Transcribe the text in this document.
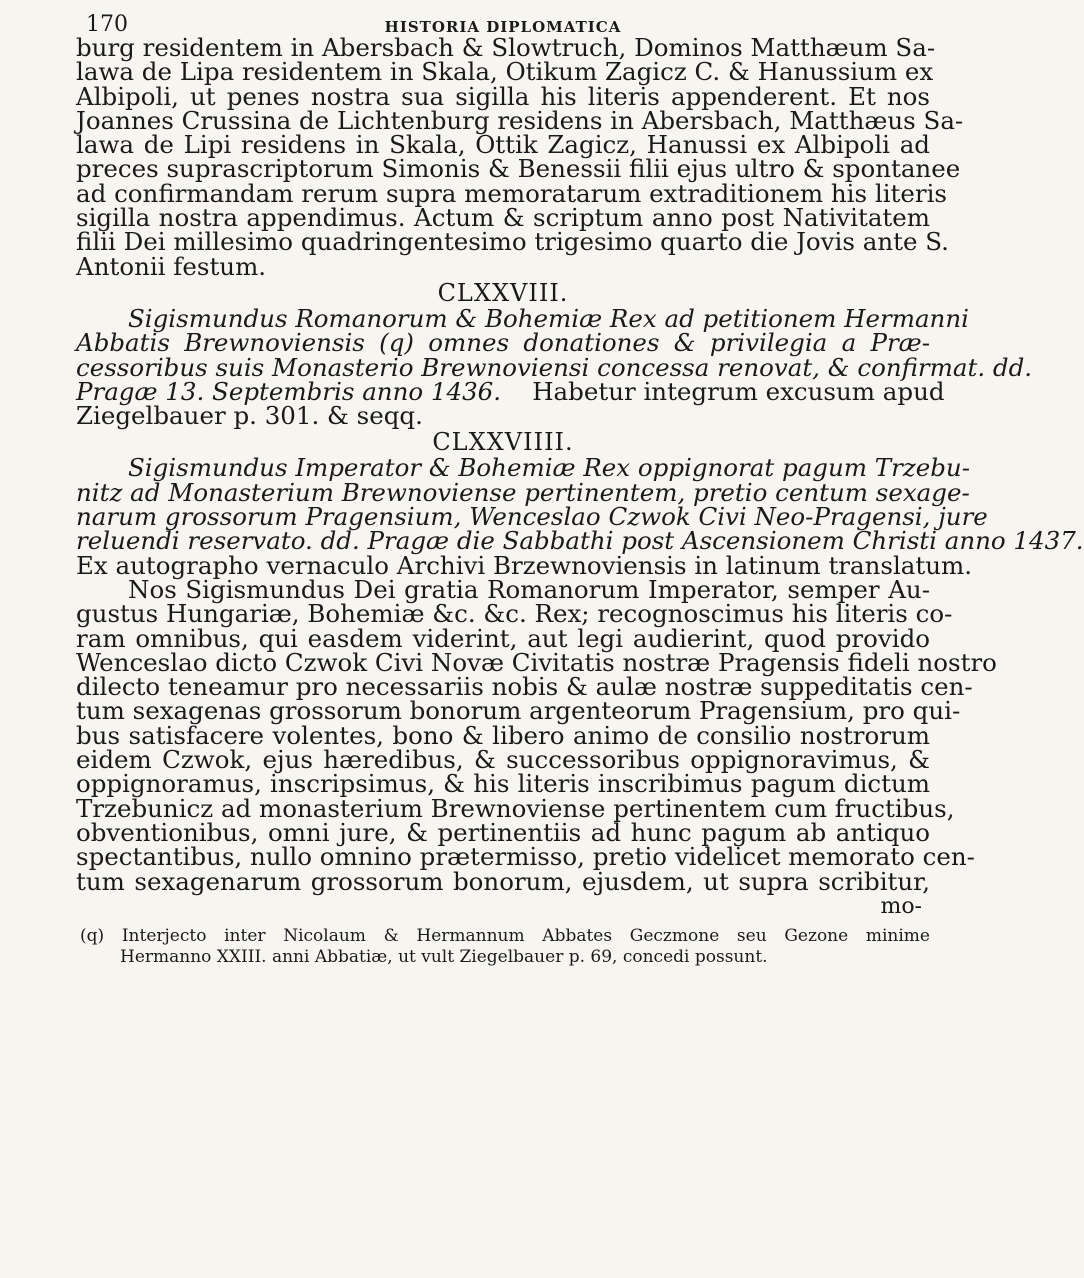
170	HISTORIA DIPLOMATICA
burg residentem in Abersbach & Slowtruch, Dominos Matthæum Sa-
lawa de Lipa residentem in Skala, Otikum Zagicz C. & Hanussium ex
Albipoli, ut penes nostra sua sigilla his literis appenderent. Et nos
Joannes Crussina de Lichtenburg residens in Abersbach, Matthæus Sa-
lawa de Lipi residens in Skala, Ottik Zagicz, Hanussi ex Albipoli ad
preces suprascriptorum Simonis & Benessii filii ejus ultro & spontanee
ad confirmandam rerum supra memoratarum extraditionem his literis
sigilla nostra appendimus. Actum & scriptum anno post Nativitatem
filii Dei millesimo quadringentesimo trigesimo quarto die Jovis ante S.
Antonii festum.
CLXXVIII.
Sigismundus Romanorum & Bohemiæ Rex ad petitionem Hermanni
Abbatis Brewnoviensis (q) omnes donationes & privilegia a Præ-
cessoribus suis Monasterio Brewnoviensi concessa renovat, & confirmat. dd.
Pragæ 13. Septembris anno 1436. Habetur integrum excusum apud
Ziegelbauer p. 301. & seqq.
CLXXVIIII.
Sigismundus Imperator & Bohemiæ Rex oppignorat pagum Trzebu-
nitz ad Monasterium Brewnoviense pertinentem, pretio centum sexage-
narum grossorum Pragensium, Wenceslao Czwok Civi Neo-Pragensi, jure
reluendi reservato. dd. Pragæ die Sabbathi post Ascensionem Christi anno 1437.
Ex autographo vernaculo Archivi Brzewnoviensis in latinum translatum.
Nos Sigismundus Dei gratia Romanorum Imperator, semper Au-
gustus Hungariæ, Bohemiæ &c. &c. Rex; recognoscimus his literis co-
ram omnibus, qui easdem viderint, aut legi audierint, quod provido
Wenceslao dicto Czwok Civi Novæ Civitatis nostræ Pragensis fideli nostro
dilecto teneamur pro necessariis nobis & aulæ nostræ suppeditatis cen-
tum sexagenas grossorum bonorum argenteorum Pragensium, pro qui-
bus satisfacere volentes, bono & libero animo de consilio nostrorum
eidem Czwok, ejus hæredibus, & successoribus oppignoravimus, &
oppignoramus, inscripsimus, & his literis inscribimus pagum dictum
Trzebunicz ad monasterium Brewnoviense pertinentem cum fructibus,
obventionibus, omni jure, & pertinentiis ad hunc pagum ab antiquo
spectantibus, nullo omnino prætermisso, pretio videlicet memorato cen-
tum sexagenarum grossorum bonorum, ejusdem, ut supra scribitur,
mo-
(q) Interjecto inter Nicolaum & Hermannum Abbates Geczmone seu Gezone minime
Hermanno XXIII. anni Abbatiæ, ut vult Ziegelbauer p. 69, concedi possunt.
